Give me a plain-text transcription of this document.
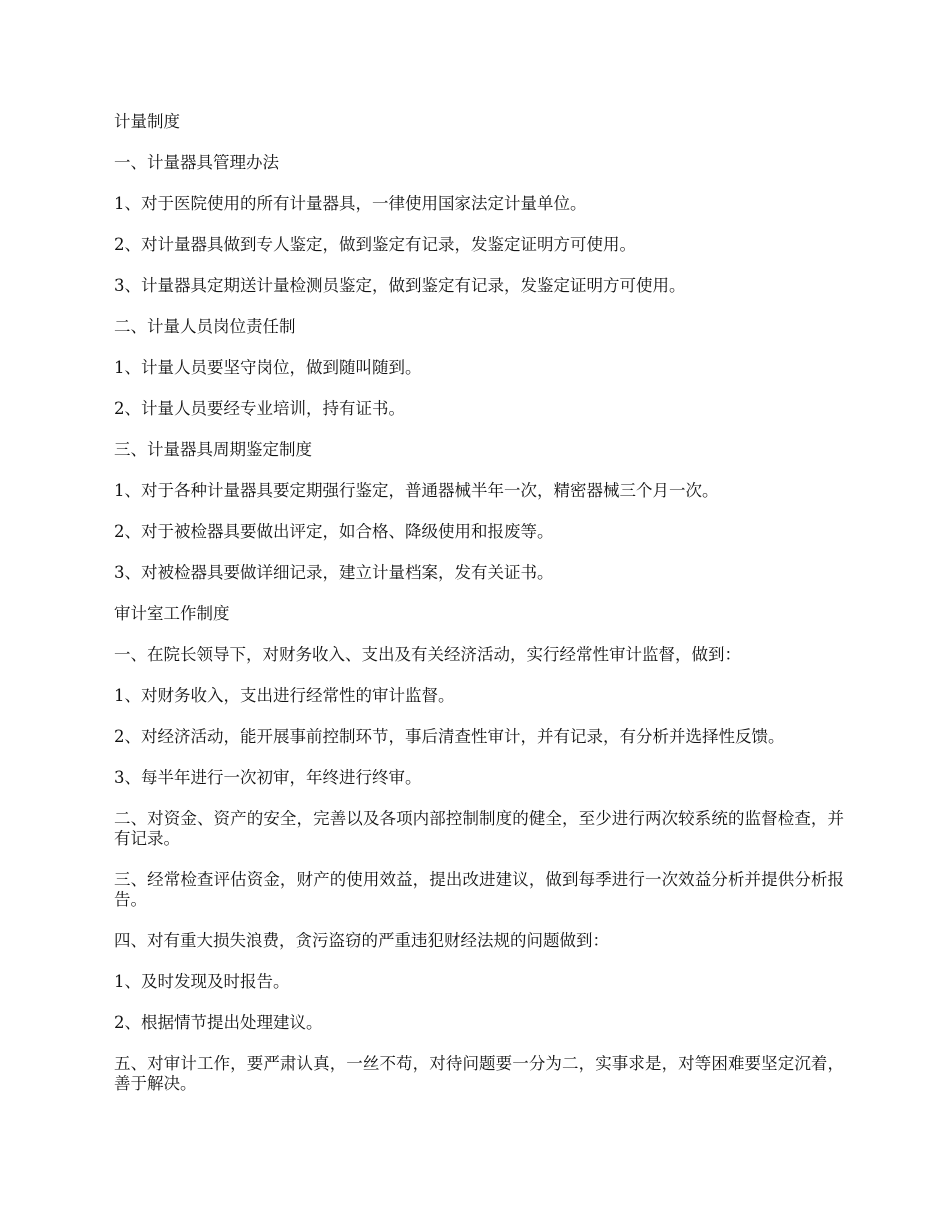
计量制度

一、计量器具管理办法

1、对于医院使用的所有计量器具，一律使用国家法定计量单位。

2、对计量器具做到专人鉴定，做到鉴定有记录，发鉴定证明方可使用。

3、计量器具定期送计量检测员鉴定，做到鉴定有记录，发鉴定证明方可使用。

二、计量人员岗位责任制

1、计量人员要坚守岗位，做到随叫随到。

2、计量人员要经专业培训，持有证书。

三、计量器具周期鉴定制度

1、对于各种计量器具要定期强行鉴定，普通器械半年一次，精密器械三个月一次。

2、对于被检器具要做出评定，如合格、降级使用和报废等。

3、对被检器具要做详细记录，建立计量档案，发有关证书。

审计室工作制度

一、在院长领导下，对财务收入、支出及有关经济活动，实行经常性审计监督，做到：

1、对财务收入，支出进行经常性的审计监督。

2、对经济活动，能开展事前控制环节，事后清查性审计，并有记录，有分析并选择性反馈。

3、每半年进行一次初审，年终进行终审。

二、对资金、资产的安全，完善以及各项内部控制制度的健全，至少进行两次较系统的监督检查，并有记录。

三、经常检查评估资金，财产的使用效益，提出改进建议，做到每季进行一次效益分析并提供分析报告。

四、对有重大损失浪费，贪污盗窃的严重违犯财经法规的问题做到：

1、及时发现及时报告。

2、根据情节提出处理建议。

五、对审计工作，要严肃认真，一丝不苟，对待问题要一分为二，实事求是，对等困难要坚定沉着，善于解决。
